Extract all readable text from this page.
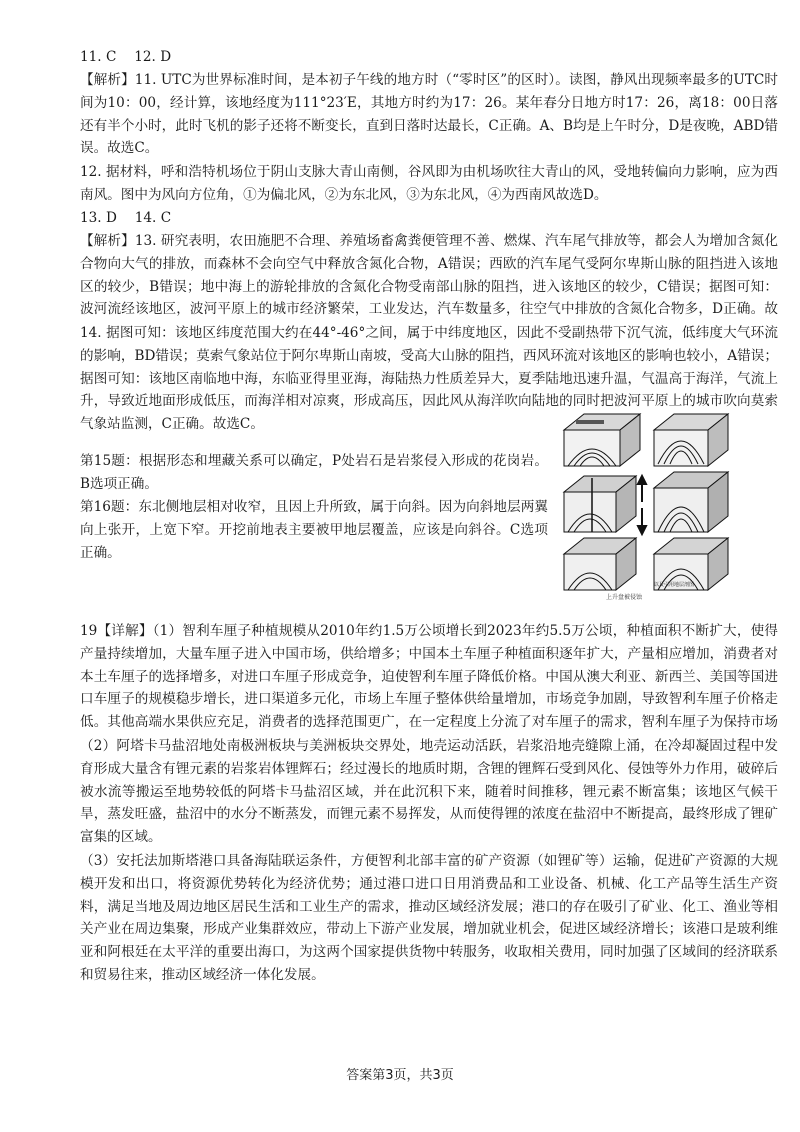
11. C　 12. D
【解析】11. UTC为世界标准时间，是本初子午线的地方时（“零时区”的区时）。读图，静风出现频率最多的UTC时间为10：00，经计算，该地经度为111°23′E，其地方时约为17：26。某年春分日地方时17：26，离18：00日落还有半个小时，此时飞机的影子还将不断变长，直到日落时达最长，C正确。A、B均是上午时分，D是夜晚，ABD错误。故选C。
12. 据材料，呼和浩特机场位于阴山支脉大青山南侧，谷风即为由机场吹往大青山的风，受地转偏向力影响，应为西南风。图中为风向方位角，①为偏北风，②为东北风，③为东北风，④为西南风故选D。
13. D　 14. C
【解析】13. 研究表明，农田施肥不合理、养殖场畜禽粪便管理不善、燃煤、汽车尾气排放等，都会人为增加含氮化合物向大气的排放，而森林不会向空气中释放含氮化合物，A错误；西欧的汽车尾气受阿尔卑斯山脉的阻挡进入该地区的较少，B错误；地中海上的游轮排放的含氮化合物受南部山脉的阻挡，进入该地区的较少，C错误；据图可知：波河流经该地区，波河平原上的城市经济繁荣，工业发达，汽车数量多，往空气中排放的含氮化合物多，D正确。故
14. 据图可知：该地区纬度范围大约在44°-46°之间，属于中纬度地区，因此不受副热带下沉气流，低纬度大气环流的影响，BD错误；莫索气象站位于阿尔卑斯山南坡，受高大山脉的阻挡，西风环流对该地区的影响也较小，A错误；据图可知：该地区南临地中海，东临亚得里亚海，海陆热力性质差异大，夏季陆地迅速升温，气温高于海洋，气流上升，导致近地面形成低压，而海洋相对凉爽，形成高压，因此风从海洋吹向陆地的同时把波河平原上的城市吹向莫索气象站监测，C正确。故选C。
第15题：根据形态和埋藏关系可以确定，P处岩石是岩浆侵入形成的花岗岩。B选项正确。
第16题：东北侧地层相对收窄，且因上升所致，属于向斜。因为向斜地层两翼向上张开，上宽下窄。开挖前地表主要被甲地层覆盖，应该是向斜谷。C选项正确。
以及引用地层剖图
上升盘被侵蚀
19【详解】（1）智利车厘子种植规模从2010年约1.5万公顷增长到2023年约5.5万公顷，种植面积不断扩大，使得产量持续增加，大量车厘子进入中国市场，供给增多；中国本土车厘子种植面积逐年扩大，产量相应增加，消费者对本土车厘子的选择增多，对进口车厘子形成竞争，迫使智利车厘子降低价格。中国从澳大利亚、新西兰、美国等国进口车厘子的规模稳步增长，进口渠道多元化，市场上车厘子整体供给量增加，市场竞争加剧，导致智利车厘子价格走低。其他高端水果供应充足，消费者的选择范围更广，在一定程度上分流了对车厘子的需求，智利车厘子为保持市场
（2）阿塔卡马盐沼地处南极洲板块与美洲板块交界处，地壳运动活跃，岩浆沿地壳缝隙上涌，在冷却凝固过程中发育形成大量含有锂元素的岩浆岩体锂辉石；经过漫长的地质时期，含锂的锂辉石受到风化、侵蚀等外力作用，破碎后被水流等搬运至地势较低的阿塔卡马盐沼区域，并在此沉积下来，随着时间推移，锂元素不断富集；该地区气候干旱，蒸发旺盛，盐沼中的水分不断蒸发，而锂元素不易挥发，从而使得锂的浓度在盐沼中不断提高，最终形成了锂矿富集的区域。
（3）安托法加斯塔港口具备海陆联运条件，方便智利北部丰富的矿产资源（如锂矿等）运输，促进矿产资源的大规模开发和出口，将资源优势转化为经济优势；通过港口进口日用消费品和工业设备、机械、化工产品等生活生产资料，满足当地及周边地区居民生活和工业生产的需求，推动区域经济发展；港口的存在吸引了矿业、化工、渔业等相关产业在周边集聚，形成产业集群效应，带动上下游产业发展，增加就业机会，促进区域经济增长；该港口是玻利维亚和阿根廷在太平洋的重要出海口，为这两个国家提供货物中转服务，收取相关费用，同时加强了区域间的经济联系和贸易往来，推动区域经济一体化发展。
答案第3页，共3页
